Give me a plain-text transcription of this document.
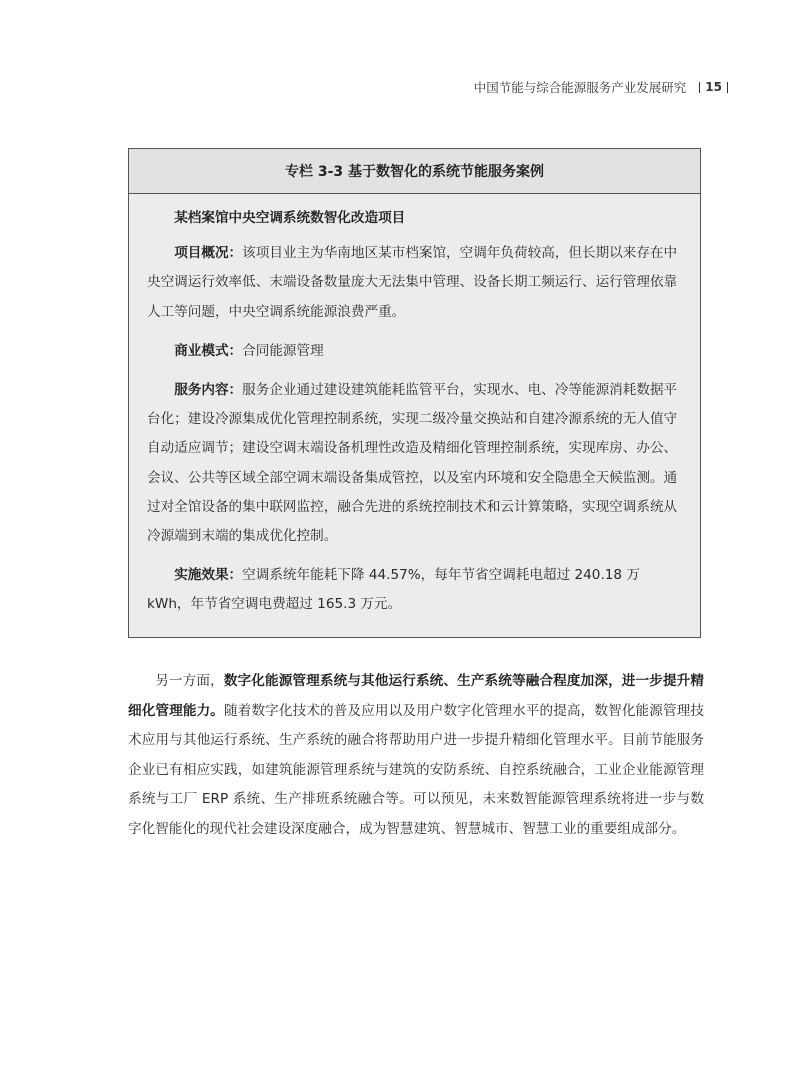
中国节能与综合能源服务产业发展研究 15
专栏 3-3 基于数智化的系统节能服务案例

某档案馆中央空调系统数智化改造项目

项目概况：该项目业主为华南地区某市档案馆，空调年负荷较高，但长期以来存在中央空调运行效率低、末端设备数量庞大无法集中管理、设备长期工频运行、运行管理依靠人工等问题，中央空调系统能源浪费严重。

商业模式：合同能源管理

服务内容：服务企业通过建设建筑能耗监管平台，实现水、电、冷等能源消耗数据平台化；建设冷源集成优化管理控制系统，实现二级冷量交换站和自建冷源系统的无人值守自动适应调节；建设空调末端设备机理性改造及精细化管理控制系统，实现库房、办公、会议、公共等区域全部空调末端设备集成管控，以及室内环境和安全隐患全天候监测。通过对全馆设备的集中联网监控，融合先进的系统控制技术和云计算策略，实现空调系统从冷源端到末端的集成优化控制。

实施效果：空调系统年能耗下降 44.57%，每年节省空调耗电超过 240.18 万 kWh，年节省空调电费超过 165.3 万元。

另一方面，数字化能源管理系统与其他运行系统、生产系统等融合程度加深，进一步提升精细化管理能力。随着数字化技术的普及应用以及用户数字化管理水平的提高，数智化能源管理技术应用与其他运行系统、生产系统的融合将帮助用户进一步提升精细化管理水平。目前节能服务企业已有相应实践，如建筑能源管理系统与建筑的安防系统、自控系统融合，工业企业能源管理系统与工厂 ERP 系统、生产排班系统融合等。可以预见，未来数智能源管理系统将进一步与数字化智能化的现代社会建设深度融合，成为智慧建筑、智慧城市、智慧工业的重要组成部分。
